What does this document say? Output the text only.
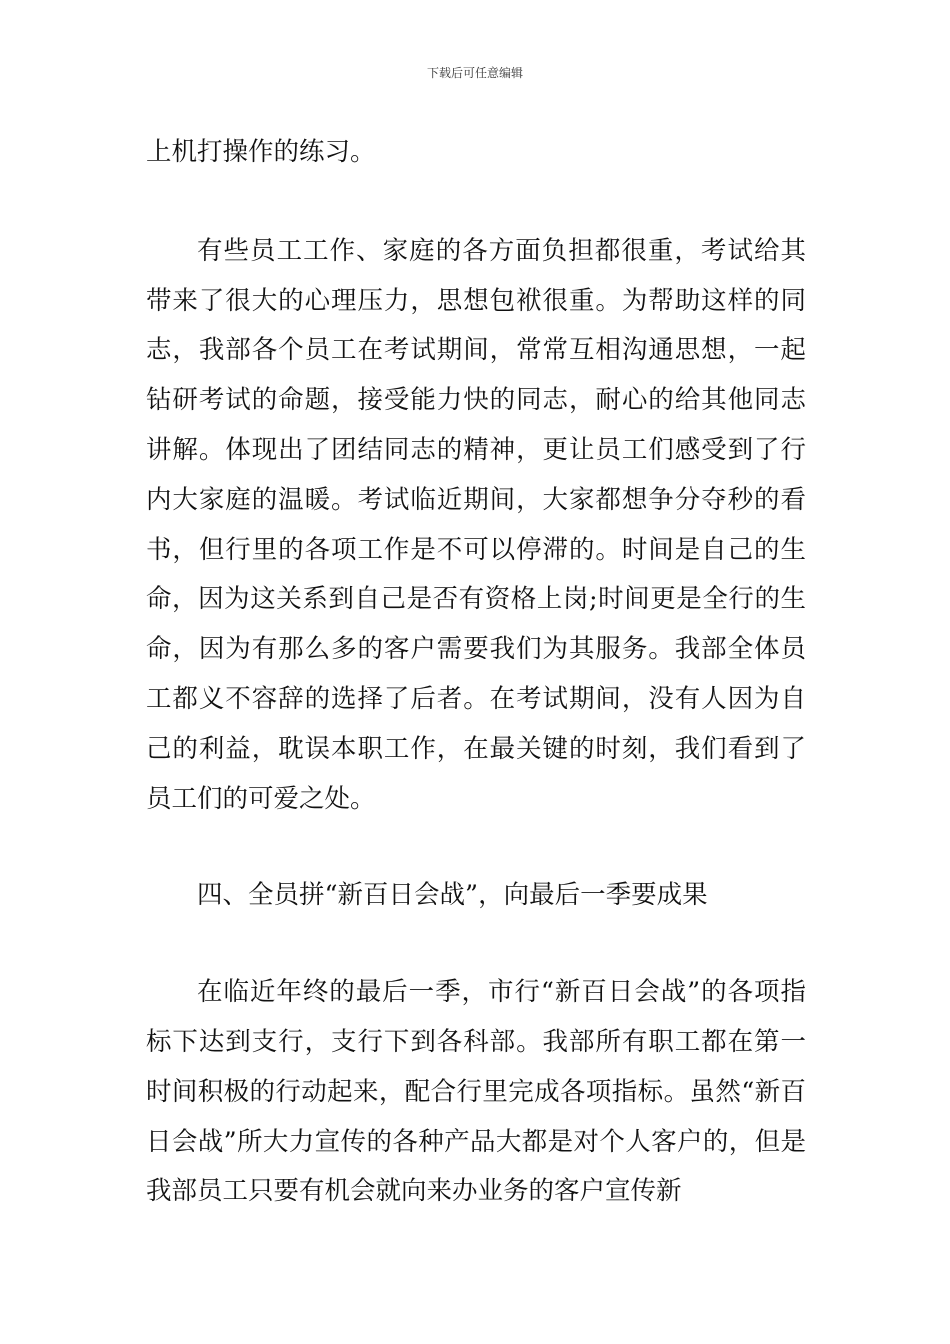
下载后可任意编辑

上机打操作的练习。

有些员工工作、家庭的各方面负担都很重，考试给其带来了很大的心理压力，思想包袱很重。为帮助这样的同志，我部各个员工在考试期间，常常互相沟通思想，一起钻研考试的命题，接受能力快的同志，耐心的给其他同志讲解。体现出了团结同志的精神，更让员工们感受到了行内大家庭的温暖。考试临近期间，大家都想争分夺秒的看书，但行里的各项工作是不可以停滞的。时间是自己的生命，因为这关系到自己是否有资格上岗;时间更是全行的生命，因为有那么多的客户需要我们为其服务。我部全体员工都义不容辞的选择了后者。在考试期间，没有人因为自己的利益，耽误本职工作，在最关键的时刻，我们看到了员工们的可爱之处。

四、全员拼“新百日会战”，向最后一季要成果

在临近年终的最后一季，市行“新百日会战”的各项指标下达到支行，支行下到各科部。我部所有职工都在第一时间积极的行动起来，配合行里完成各项指标。虽然“新百日会战”所大力宣传的各种产品大都是对个人客户的，但是我部员工只要有机会就向来办业务的客户宣传新
